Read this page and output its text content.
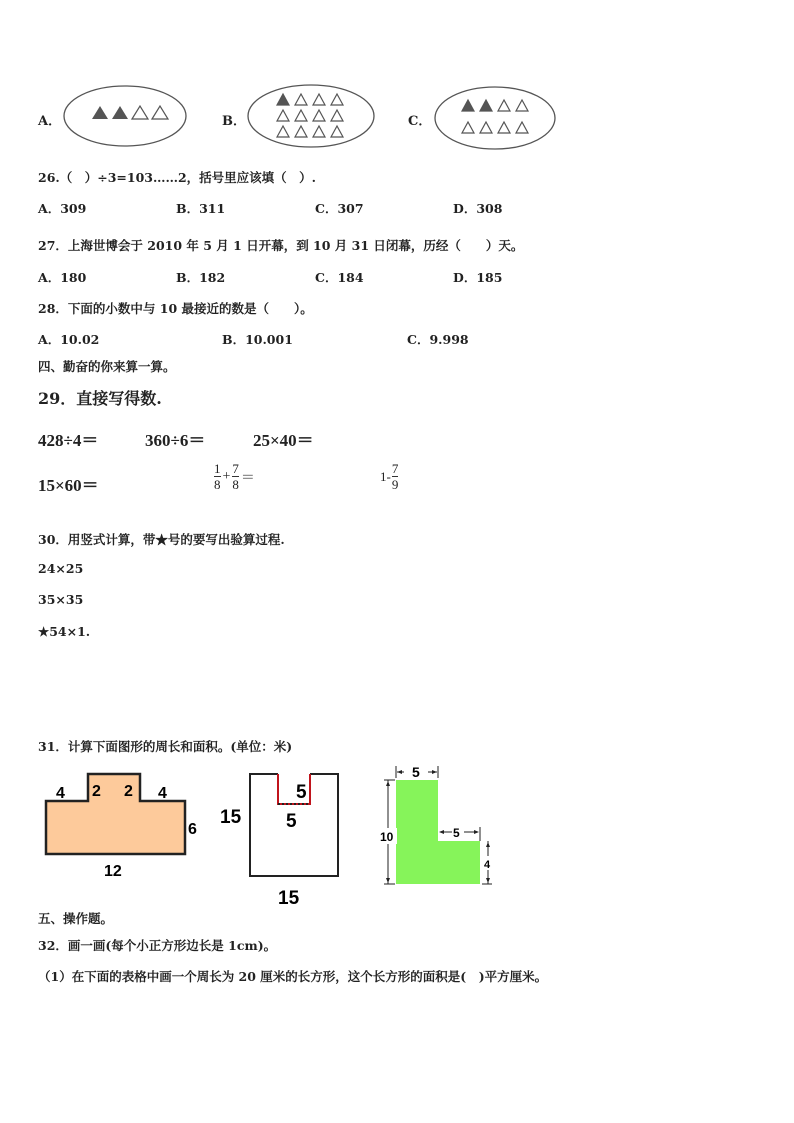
A．	B．	C．
26.（　）÷3=103……2，括号里应该填（　）.
A．309	B．311	C．307	D．308
27．上海世博会于 2010 年 5 月 1 日开幕，到 10 月 31 日闭幕，历经（　　）天。
A．180	B．182	C．184	D．185
28．下面的小数中与 10 最接近的数是（　　）。
A．10.02	B．10.001	C．9.998
四、勤奋的你来算一算。
29．直接写得数.
428÷4＝	360÷6＝	25×40＝
15×60＝	$\frac{1}{8} + \frac{7}{8}$ ＝	$1- \frac{7}{9}$
30．用竖式计算，带★号的要写出验算过程.
24×25
35×35
★54×1.
31．计算下面图形的周长和面积。(单位：米)
4 2 2 4
6
12
15
5
5
15
5
10	5
4
五、操作题。
32．画一画(每个小正方形边长是 1cm)。
（1）在下面的表格中画一个周长为 20 厘米的长方形，这个长方形的面积是(　)平方厘米。
